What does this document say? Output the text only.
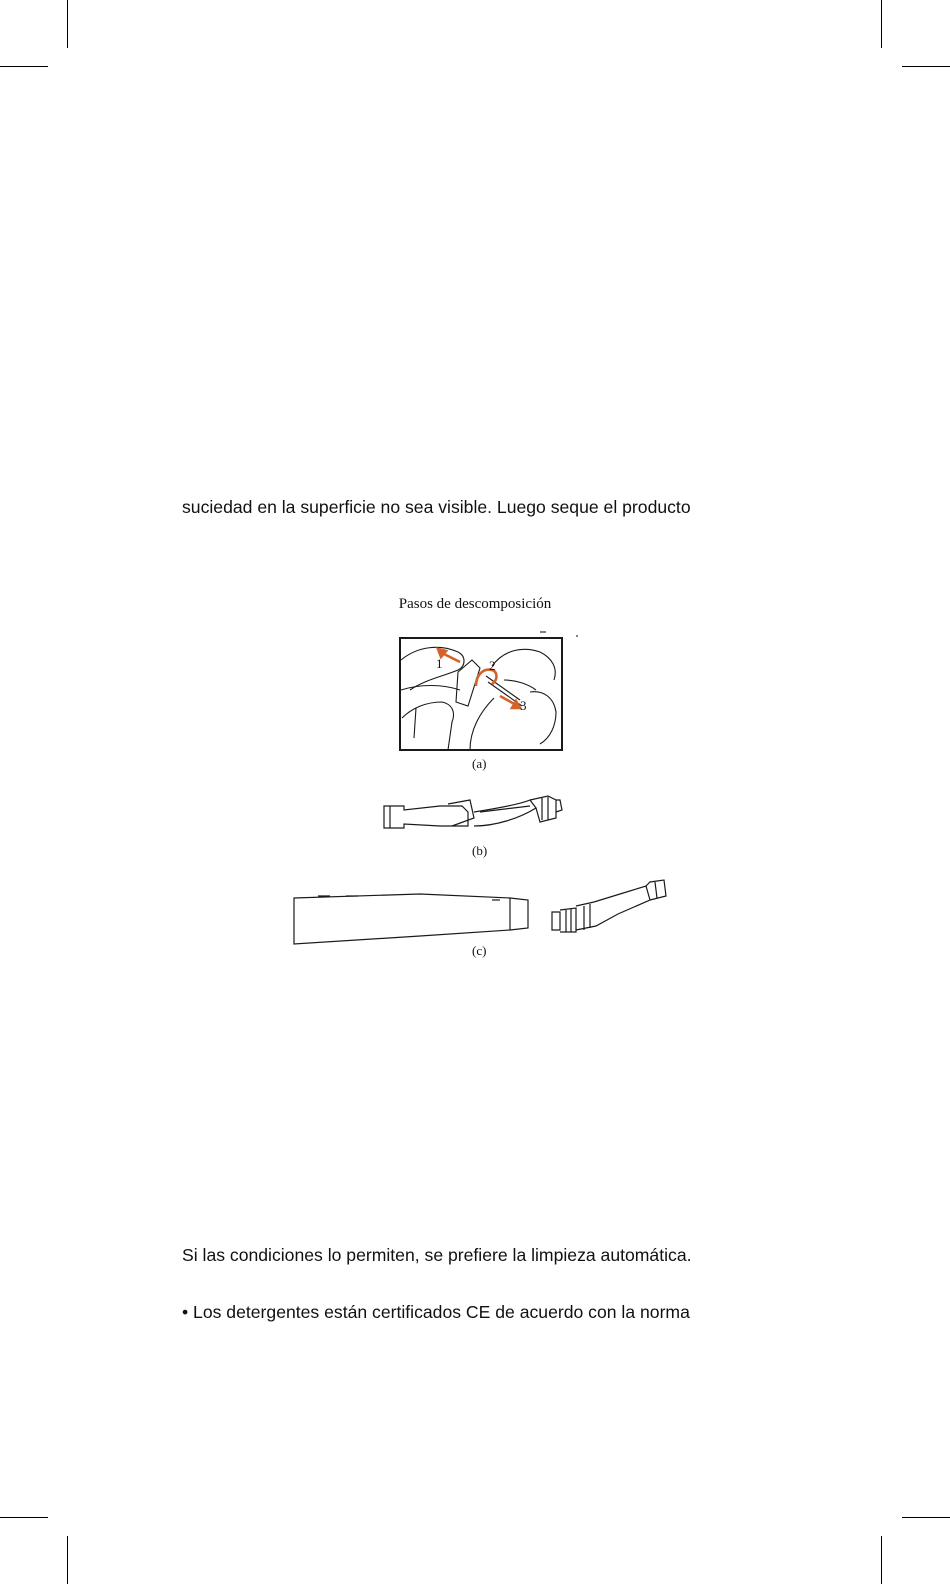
suciedad en la superficie no sea visible. Luego seque el producto
Pasos de descomposición
1	2
3
(a)
(b)
(c)
Si las condiciones lo permiten, se prefiere la limpieza automática.
• Los detergentes están certificados CE de acuerdo con la norma
